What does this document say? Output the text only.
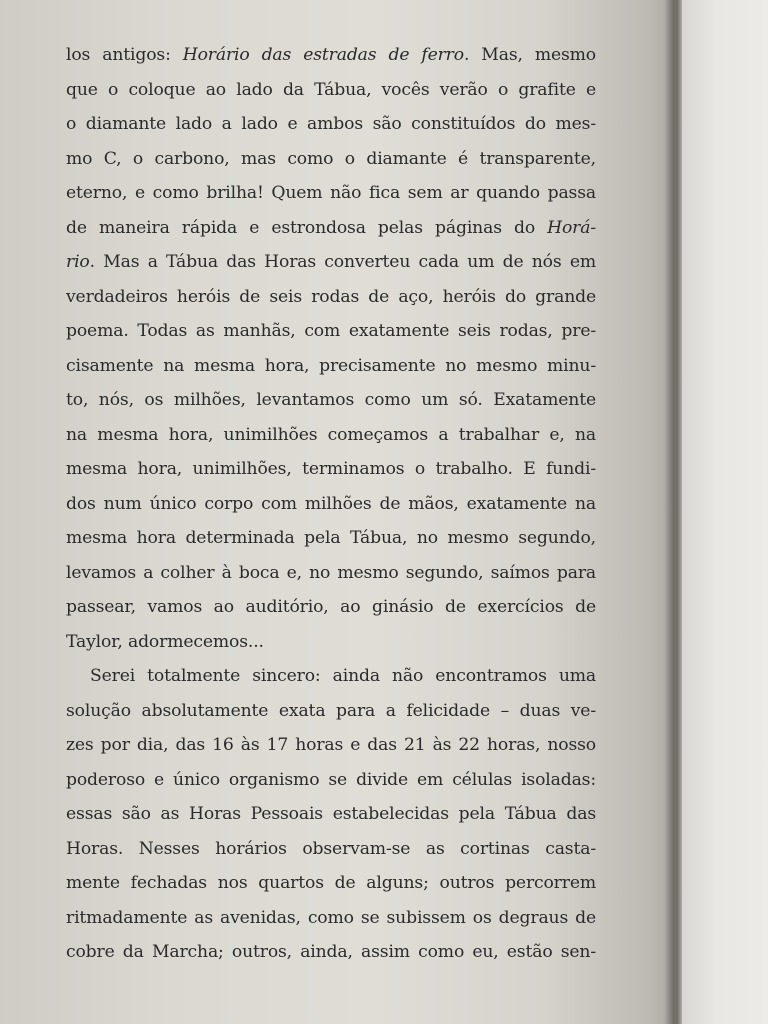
los antigos: Horário das estradas de ferro. Mas, mesmo
que o coloque ao lado da Tábua, vocês verão o grafite e
o diamante lado a lado e ambos são constituídos do mes-
mo C, o carbono, mas como o diamante é transparente,
eterno, e como brilha! Quem não fica sem ar quando passa
de maneira rápida e estrondosa pelas páginas do Horá-
rio. Mas a Tábua das Horas converteu cada um de nós em
verdadeiros heróis de seis rodas de aço, heróis do grande
poema. Todas as manhãs, com exatamente seis rodas, pre-
cisamente na mesma hora, precisamente no mesmo minu-
to, nós, os milhões, levantamos como um só. Exatamente
na mesma hora, unimilhões começamos a trabalhar e, na
mesma hora, unimilhões, terminamos o trabalho. E fundi-
dos num único corpo com milhões de mãos, exatamente na
mesma hora determinada pela Tábua, no mesmo segundo,
levamos a colher à boca e, no mesmo segundo, saímos para
passear, vamos ao auditório, ao ginásio de exercícios de
Taylor, adormecemos...
Serei totalmente sincero: ainda não encontramos uma
solução absolutamente exata para a felicidade – duas ve-
zes por dia, das 16 às 17 horas e das 21 às 22 horas, nosso
poderoso e único organismo se divide em células isoladas:
essas são as Horas Pessoais estabelecidas pela Tábua das
Horas. Nesses horários observam-se as cortinas casta-
mente fechadas nos quartos de alguns; outros percorrem
ritmadamente as avenidas, como se subissem os degraus de
cobre da Marcha; outros, ainda, assim como eu, estão sen-
